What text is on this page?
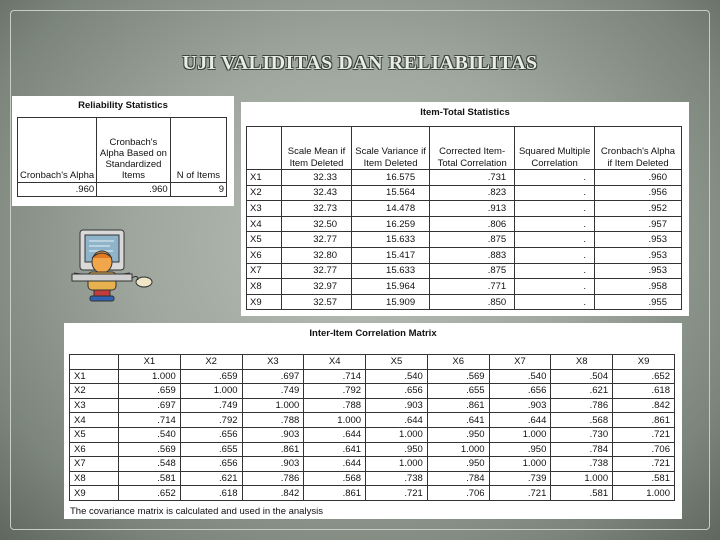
UJI VALIDITAS DAN RELIABILITAS
Reliability Statistics
Cronbach's Alpha	Cronbach's Alpha Based on Standardized Items	N of Items
.960	.960	9
Item-Total Statistics
	Scale Mean if Item Deleted	Scale Variance if Item Deleted	Corrected Item-Total Correlation	Squared Multiple Correlation	Cronbach's Alpha if Item Deleted
X1	32.33	16.575	.731	.	.960
X2	32.43	15.564	.823	.	.956
X3	32.73	14.478	.913	.	.952
X4	32.50	16.259	.806	.	.957
X5	32.77	15.633	.875	.	.953
X6	32.80	15.417	.883	.	.953
X7	32.77	15.633	.875	.	.953
X8	32.97	15.964	.771	.	.958
X9	32.57	15.909	.850	.	.955
Inter-Item Correlation Matrix
	X1	X2	X3	X4	X5	X6	X7	X8	X9
X1	1.000	.659	.697	.714	.540	.569	.540	.504	.652
X2	.659	1.000	.749	.792	.656	.655	.656	.621	.618
X3	.697	.749	1.000	.788	.903	.861	.903	.786	.842
X4	.714	.792	.788	1.000	.644	.641	.644	.568	.861
X5	.540	.656	.903	.644	1.000	.950	1.000	.730	.721
X6	.569	.655	.861	.641	.950	1.000	.950	.784	.706
X7	.548	.656	.903	.644	1.000	.950	1.000	.738	.721
X8	.581	.621	.786	.568	.738	.784	.739	1.000	.581
X9	.652	.618	.842	.861	.721	.706	.721	.581	1.000
The covariance matrix is calculated and used in the analysis
